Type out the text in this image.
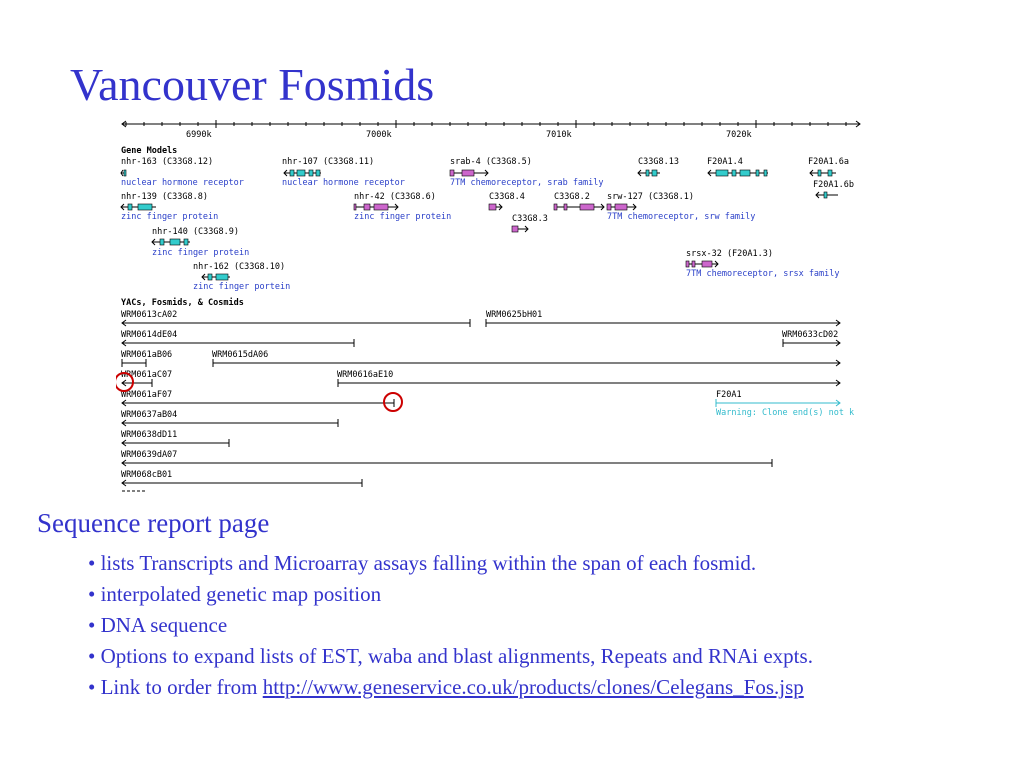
Vancouver Fosmids
6990k	7000k	7010k	7020k
Gene Models
nhr-163 (C33G8.12)
nuclear hormone receptor
nhr-107 (C33G8.11)
nuclear hormone receptor
srab-4 (C33G8.5)
7TM chemoreceptor, srab family
C33G8.13	F20A1.4	F20A1.6a
F20A1.6b
nhr-139 (C33G8.8)
zinc finger protein
nhr-42 (C33G8.6)
zinc finger protein
C33G8.4	C33G8.2 srw-127 (C33G8.1)
7TM chemoreceptor, srw family
C33G8.3
nhr-140 (C33G8.9)
zinc finger protein	srsx-32 (F20A1.3)
7TM chemoreceptor, srsx family
nhr-162 (C33G8.10)
zinc finger portein
YACs, Fosmids, & Cosmids
WRM0613cA02	WRM0625bH01
WRM0614dE04	WRM0633cD02
WRM061aB06	WRM0615dA06
WRM061aC07	WRM0616aE10
WRM061aF07	F20A1
Warning: Clone end(s) not k
WRM0637aB04
WRM0638dD11
WRM0639dA07
WRM068cB01
Sequence report page
• lists Transcripts and Microarray assays falling within the span of each fosmid.
• interpolated genetic map position
• DNA sequence
• Options to expand lists of EST, waba and blast alignments, Repeats and RNAi expts.
• Link to order from http://www.geneservice.co.uk/products/clones/Celegans_Fos.jsp
